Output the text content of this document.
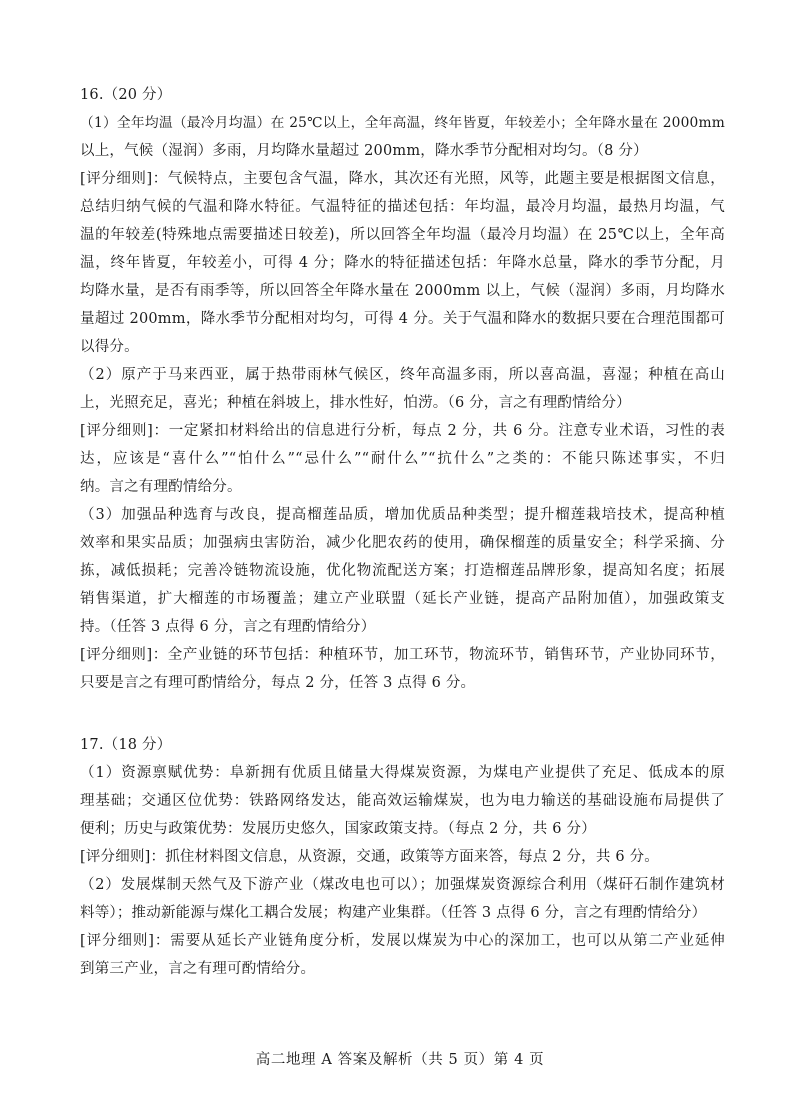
16.（20 分）
（1）全年均温（最冷月均温）在 25℃以上，全年高温，终年皆夏，年较差小；全年降水量在 2000mm
以上，气候（湿润）多雨，月均降水量超过 200mm，降水季节分配相对均匀。（8 分）
[评分细则]：气候特点，主要包含气温，降水，其次还有光照，风等，此题主要是根据图文信息，
总结归纳气候的气温和降水特征。气温特征的描述包括：年均温，最冷月均温，最热月均温，气
温的年较差(特殊地点需要描述日较差)，所以回答全年均温（最冷月均温）在 25℃以上，全年高
温，终年皆夏，年较差小，可得 4 分；降水的特征描述包括：年降水总量，降水的季节分配，月
均降水量，是否有雨季等，所以回答全年降水量在 2000mm 以上，气候（湿润）多雨，月均降水
量超过 200mm，降水季节分配相对均匀，可得 4 分。关于气温和降水的数据只要在合理范围都可
以得分。
（2）原产于马来西亚，属于热带雨林气候区，终年高温多雨，所以喜高温，喜湿；种植在高山
上，光照充足，喜光；种植在斜坡上，排水性好，怕涝。（6 分，言之有理酌情给分）
[评分细则]：一定紧扣材料给出的信息进行分析，每点 2 分，共 6 分。注意专业术语，习性的表
达，应该是“喜什么”“怕什么”“忌什么”“耐什么”“抗什么”之类的：不能只陈述事实，不归
纳。言之有理酌情给分。
（3）加强品种选育与改良，提高榴莲品质，增加优质品种类型；提升榴莲栽培技术，提高种植
效率和果实品质；加强病虫害防治，减少化肥农药的使用，确保榴莲的质量安全；科学采摘、分
拣，减低损耗；完善冷链物流设施，优化物流配送方案；打造榴莲品牌形象，提高知名度；拓展
销售渠道，扩大榴莲的市场覆盖；建立产业联盟（延长产业链，提高产品附加值），加强政策支
持。（任答 3 点得 6 分，言之有理酌情给分）
[评分细则]：全产业链的环节包括：种植环节，加工环节，物流环节，销售环节，产业协同环节，
只要是言之有理可酌情给分，每点 2 分，任答 3 点得 6 分。
17.（18 分）
（1）资源禀赋优势：阜新拥有优质且储量大得煤炭资源，为煤电产业提供了充足、低成本的原
理基础；交通区位优势：铁路网络发达，能高效运输煤炭，也为电力输送的基础设施布局提供了
便利；历史与政策优势：发展历史悠久，国家政策支持。（每点 2 分，共 6 分）
[评分细则]：抓住材料图文信息，从资源，交通，政策等方面来答，每点 2 分，共 6 分。
（2）发展煤制天然气及下游产业（煤改电也可以）；加强煤炭资源综合利用（煤矸石制作建筑材
料等）；推动新能源与煤化工耦合发展；构建产业集群。（任答 3 点得 6 分，言之有理酌情给分）
[评分细则]：需要从延长产业链角度分析，发展以煤炭为中心的深加工，也可以从第二产业延伸
到第三产业，言之有理可酌情给分。
高二地理 A 答案及解析（共 5 页）第 4 页
